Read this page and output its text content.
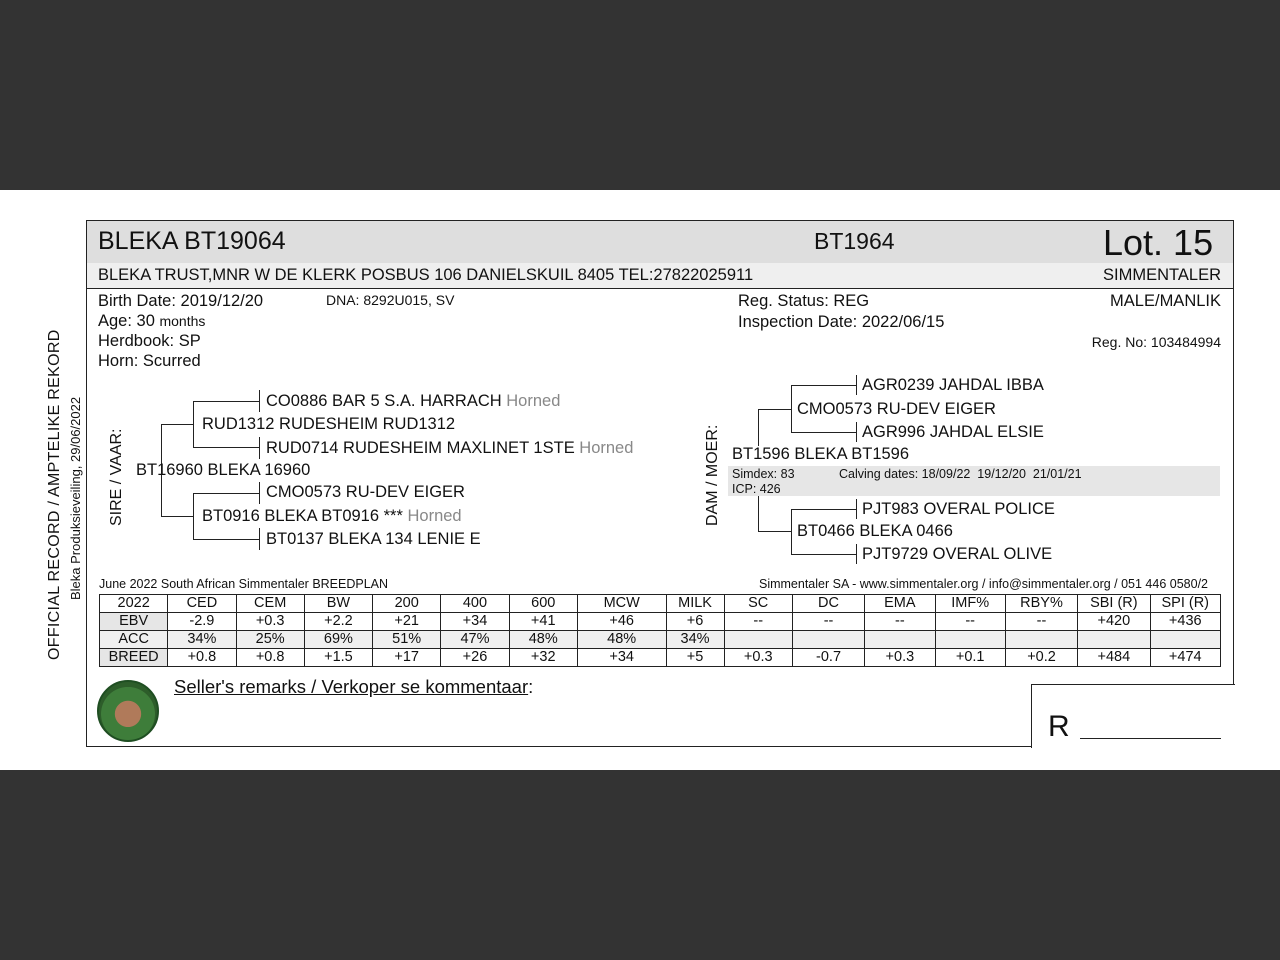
OFFICIAL RECORD / AMPTELIKE REKORD Bleka Produksieveiling, 29/06/2022
BLEKA BT19064	BT1964	Lot. 15
BLEKA TRUST,MNR W DE KLERK POSBUS 106 DANIELSKUIL 8405 TEL:27822025911	SIMMENTALER
Birth Date: 2019/12/20	DNA: 8292U015, SV
Age: 30 months
Herdbook: SP
Horn: Scurred
Reg. Status: REG
Inspection Date: 2022/06/15
MALE/MANLIK
Reg. No: 103484994
SIRE / VAAR:
CO0886 BAR 5 S.A. HARRACH Horned
RUD1312 RUDESHEIM RUD1312
RUD0714 RUDESHEIM MAXLINET 1STE Horned
BT16960 BLEKA 16960
CMO0573 RU-DEV EIGER
BT0916 BLEKA BT0916 *** Horned
BT0137 BLEKA 134 LENIE E
DAM / MOER:
AGR0239 JAHDAL IBBA
CMO0573 RU-DEV EIGER
AGR996 JAHDAL ELSIE
BT1596 BLEKA BT1596
Simdex: 83	Calving dates: 18/09/22  19/12/20  21/01/21
ICP: 426
PJT983 OVERAL POLICE
BT0466 BLEKA 0466
PJT9729 OVERAL OLIVE
June 2022 South African Simmentaler BREEDPLAN	Simmentaler SA - www.simmentaler.org / info@simmentaler.org / 051 446 0580/2
2022	CED	CEM	BW	200	400	600	MCW	MILK	SC	DC	EMA	IMF%	RBY%	SBI (R)	SPI (R)
EBV	-2.9	+0.3	+2.2	+21	+34	+41	+46	+6	--	--	--	--	--	+420	+436
ACC	34%	25%	69%	51%	47%	48%	48%	34%							
BREED	+0.8	+0.8	+1.5	+17	+26	+32	+34	+5	+0.3	-0.7	+0.3	+0.1	+0.2	+484	+474
Seller's remarks / Verkoper se kommentaar:
R
